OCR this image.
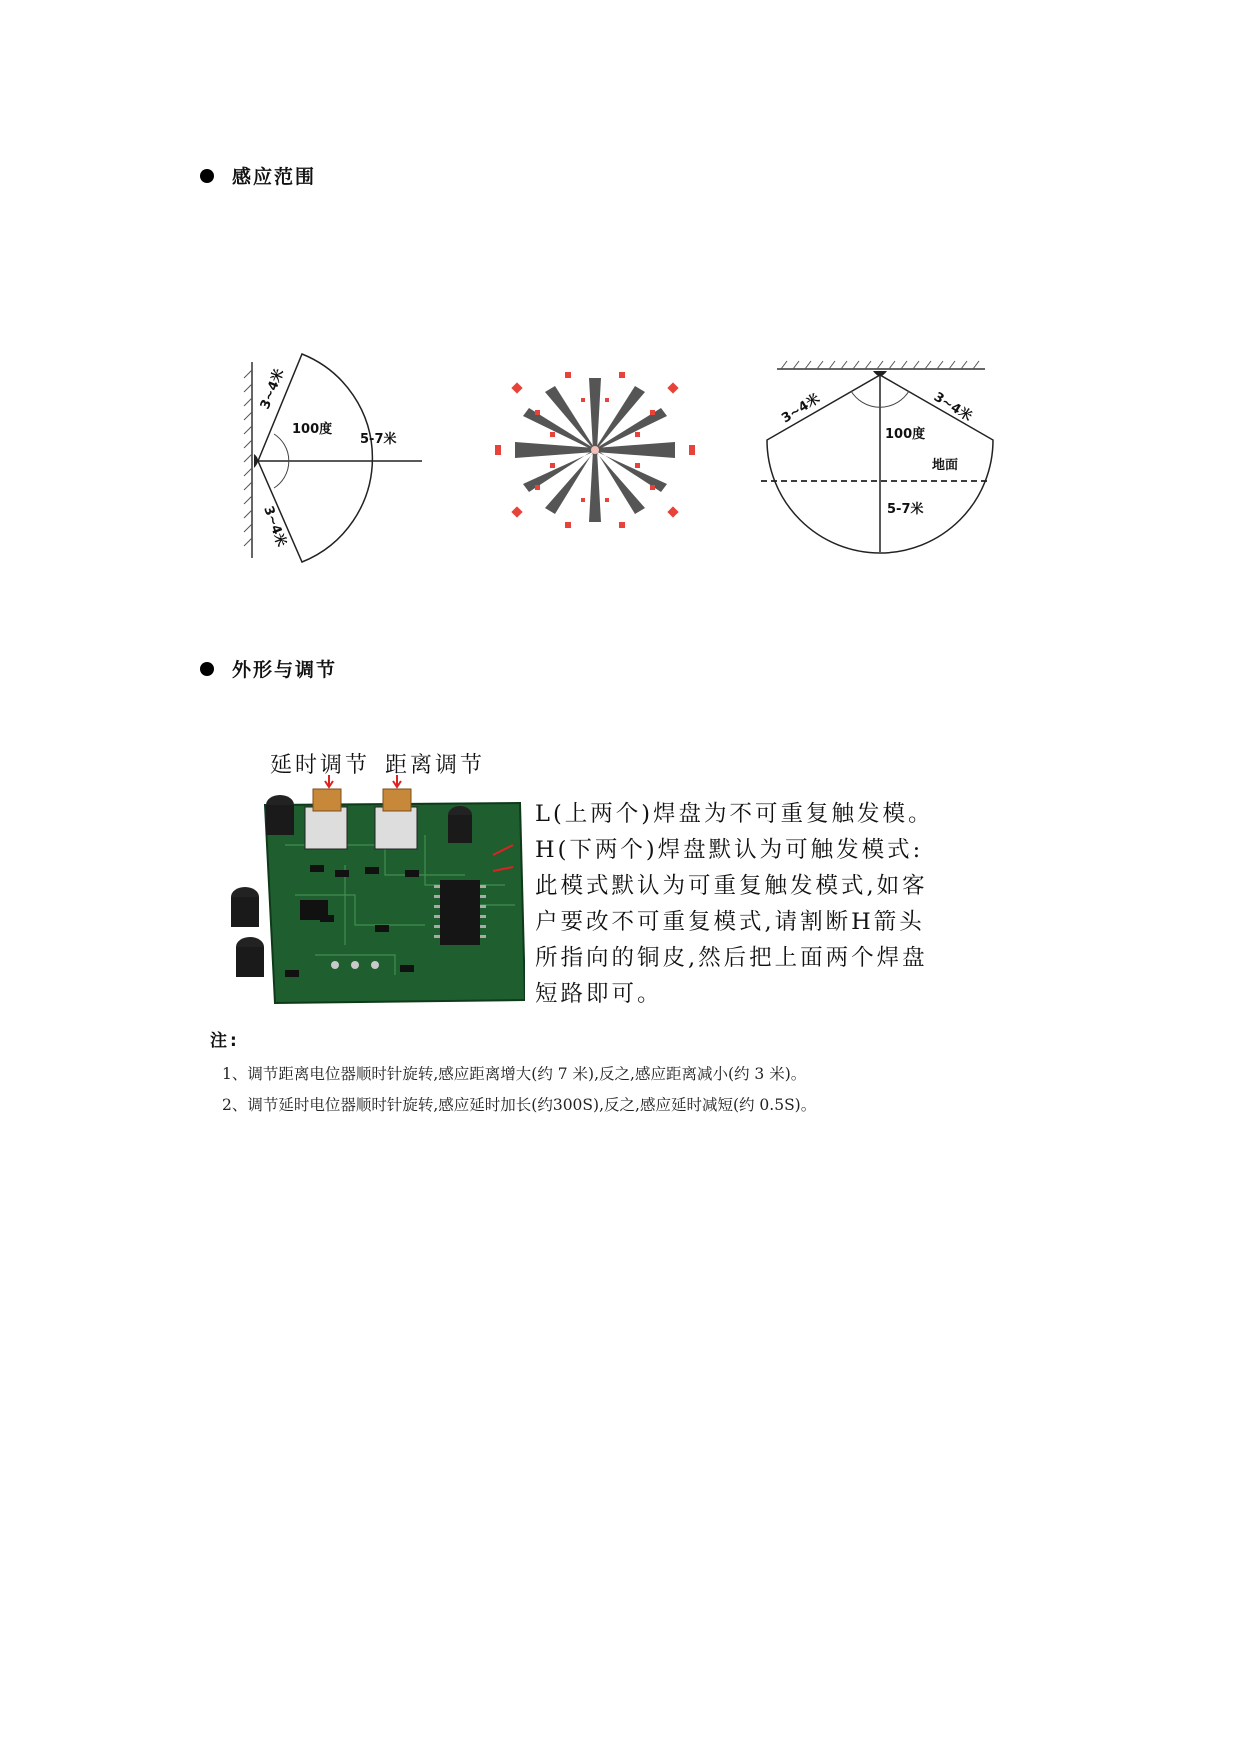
感应范围
100度
5-7米
3~4米
3~4米
3~4米	3~4米
100度
地面
5-7米
外形与调节
延时调节 距离调节
L(上两个)焊盘为不可重复触发模。
H(下两个)焊盘默认为可触发模式:
此模式默认为可重复触发模式,如客
户要改不可重复模式,请割断H箭头
所指向的铜皮,然后把上面两个焊盘
短路即可。
注:
1、调节距离电位器顺时针旋转,感应距离增大(约 7 米),反之,感应距离减小(约 3 米)。
2、调节延时电位器顺时针旋转,感应延时加长(约300S),反之,感应延时减短(约 0.5S)。
